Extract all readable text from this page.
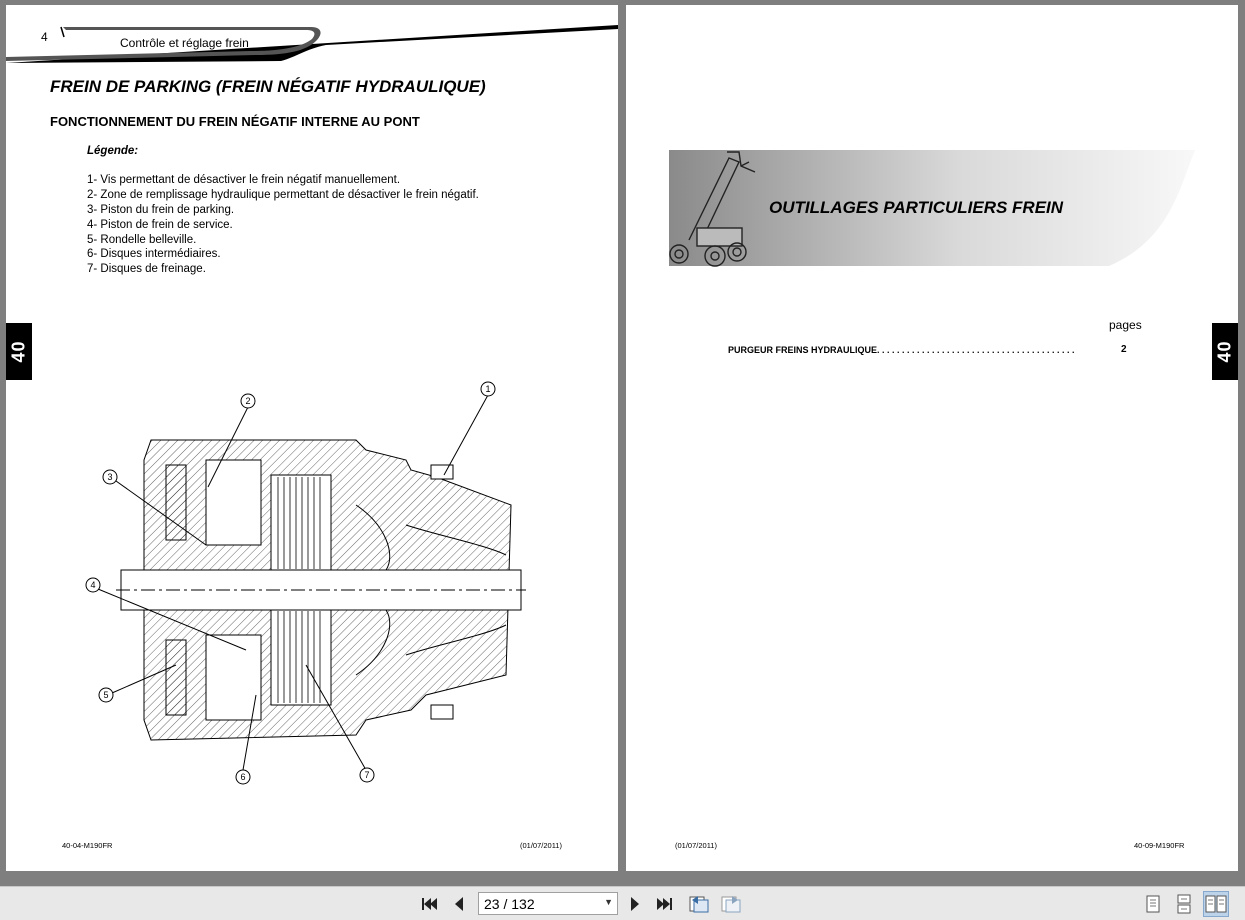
4	Contrôle et réglage frein
FREIN DE PARKING (FREIN NÉGATIF HYDRAULIQUE)
FONCTIONNEMENT DU FREIN NÉGATIF INTERNE AU PONT
Légende:
1- Vis permettant de désactiver le frein négatif manuellement.
2- Zone de remplissage hydraulique permettant de désactiver le frein négatif.
3- Piston du frein de parking.
4- Piston de frein de service.
5- Rondelle belleville.
6- Disques intermédiaires.
7- Disques de freinage.
1
2
3
4
5
6	7
40-04-M190FR	(01/07/2011)
40
OUTILLAGES PARTICULIERS FREIN
pages
PURGEUR FREINS HYDRAULIQUE. . . . . . . . . . . . . . . . . . . . . . . . . . . . . . . . . . . . . . . .	2
(01/07/2011)	40-09-M190FR
40
23 / 132	▼
